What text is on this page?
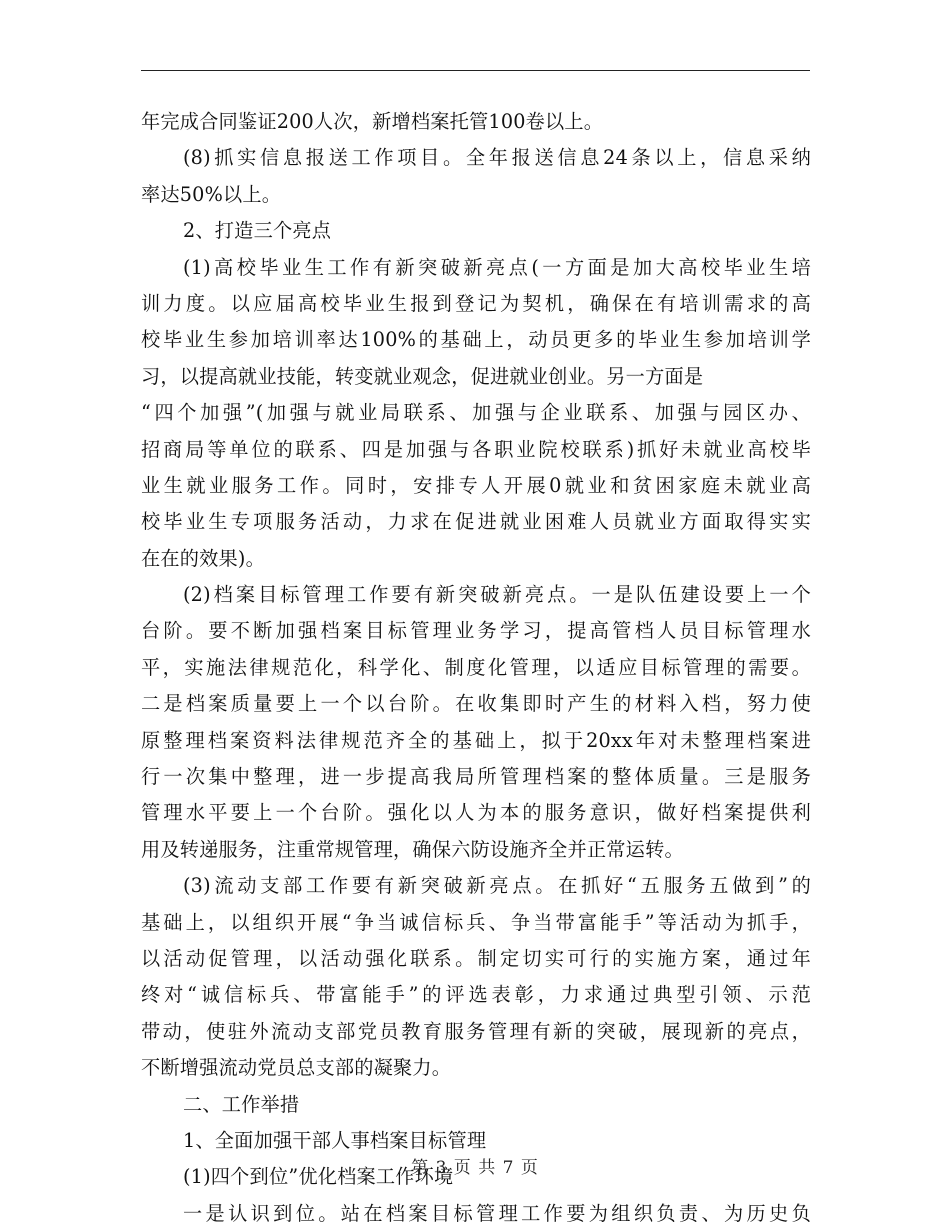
年完成合同鉴证200人次，新增档案托管100卷以上。
(8)抓实信息报送工作项目。全年报送信息24条以上，信息采纳
率达50%以上。
2、打造三个亮点
(1)高校毕业生工作有新突破新亮点(一方面是加大高校毕业生培
训力度。以应届高校毕业生报到登记为契机，确保在有培训需求的高
校毕业生参加培训率达100%的基础上，动员更多的毕业生参加培训学
习，以提高就业技能，转变就业观念，促进就业创业。另一方面是
“四个加强”(加强与就业局联系、加强与企业联系、加强与园区办、
招商局等单位的联系、四是加强与各职业院校联系)抓好未就业高校毕
业生就业服务工作。同时，安排专人开展0就业和贫困家庭未就业高
校毕业生专项服务活动，力求在促进就业困难人员就业方面取得实实
在在的效果)。
(2)档案目标管理工作要有新突破新亮点。一是队伍建设要上一个
台阶。要不断加强档案目标管理业务学习，提高管档人员目标管理水
平，实施法律规范化，科学化、制度化管理，以适应目标管理的需要。
二是档案质量要上一个以台阶。在收集即时产生的材料入档，努力使
原整理档案资料法律规范齐全的基础上，拟于20xx年对未整理档案进
行一次集中整理，进一步提高我局所管理档案的整体质量。三是服务
管理水平要上一个台阶。强化以人为本的服务意识，做好档案提供利
用及转递服务，注重常规管理，确保六防设施齐全并正常运转。
(3)流动支部工作要有新突破新亮点。在抓好“五服务五做到”的
基础上，以组织开展“争当诚信标兵、争当带富能手”等活动为抓手，
以活动促管理，以活动强化联系。制定切实可行的实施方案，通过年
终对“诚信标兵、带富能手”的评选表彰，力求通过典型引领、示范
带动，使驻外流动支部党员教育服务管理有新的突破，展现新的亮点，
不断增强流动党员总支部的凝聚力。
二、工作举措
1、全面加强干部人事档案目标管理
(1)四个到位”优化档案工作环境
一是认识到位。站在档案目标管理工作要为组织负责、为历史负
第 3 页 共 7 页
